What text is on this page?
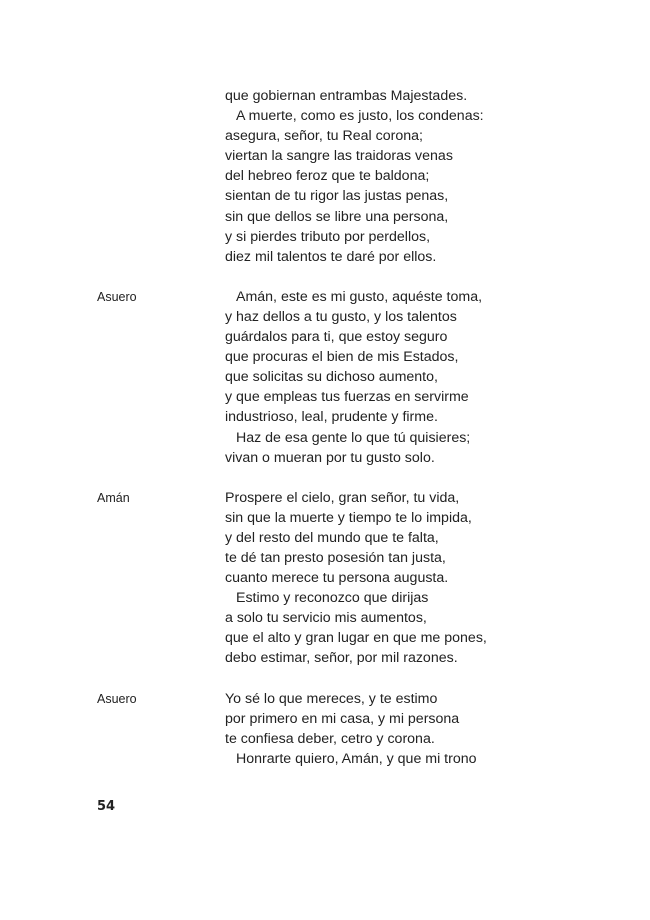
que gobiernan entrambas Majestades.
A muerte, como es justo, los condenas:
asegura, señor, tu Real corona;
viertan la sangre las traidoras venas
del hebreo feroz que te baldona;
sientan de tu rigor las justas penas,
sin que dellos se libre una persona,
y si pierdes tributo por perdellos,
diez mil talentos te daré por ellos.
Asuero	Amán, este es mi gusto, aquéste toma,
y haz dellos a tu gusto, y los talentos
guárdalos para ti, que estoy seguro
que procuras el bien de mis Estados,
que solicitas su dichoso aumento,
y que empleas tus fuerzas en servirme
industrioso, leal, prudente y firme.
Haz de esa gente lo que tú quisieres;
vivan o mueran por tu gusto solo.
Amán	Prospere el cielo, gran señor, tu vida,
sin que la muerte y tiempo te lo impida,
y del resto del mundo que te falta,
te dé tan presto posesión tan justa,
cuanto merece tu persona augusta.
Estimo y reconozco que dirijas
a solo tu servicio mis aumentos,
que el alto y gran lugar en que me pones,
debo estimar, señor, por mil razones.
Asuero	Yo sé lo que mereces, y te estimo
por primero en mi casa, y mi persona
te confiesa deber, cetro y corona.
Honrarte quiero, Amán, y que mi trono
54
